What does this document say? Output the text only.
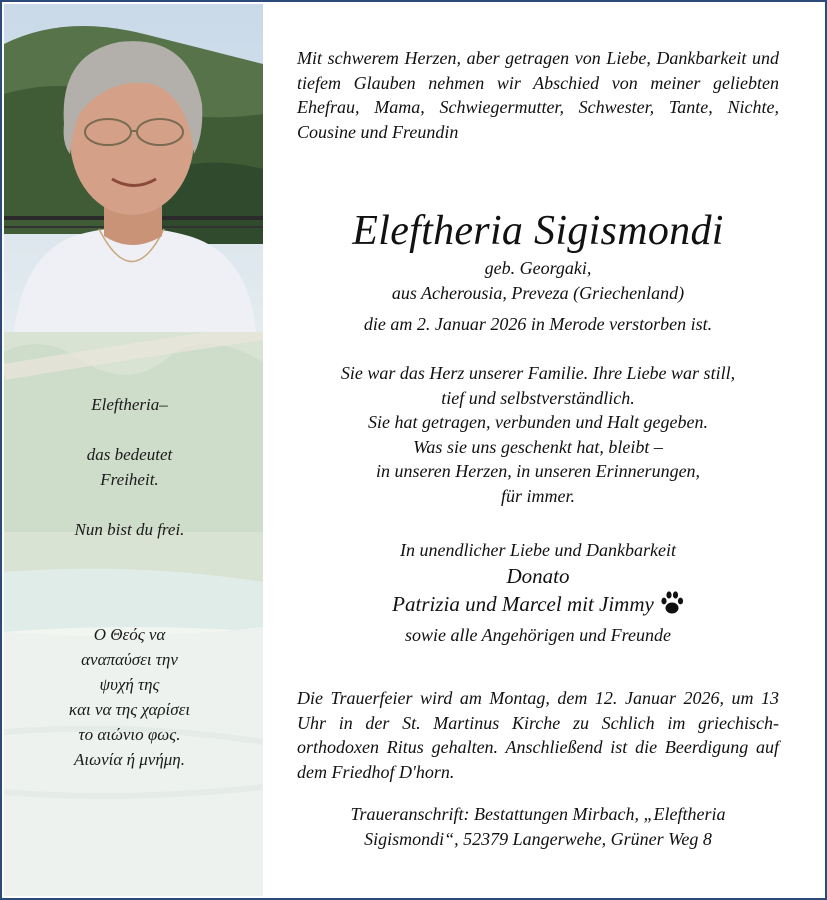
Eleftheria–

das bedeutet

Freiheit.

Nun bist du frei.

Ο Θεός να

αναπαύσει την

ψυχή της

και να της χαρίσει

το αιώνιο φως.

Αιωνία ή μνήμη.

Mit schwerem Herzen, aber getragen von Liebe, Dankbarkeit und tiefem Glauben nehmen wir Abschied von meiner geliebten Ehefrau, Mama, Schwiegermutter, Schwester, Tante, Nichte, Cousine und Freundin

Eleftheria Sigismondi

geb. Georgaki,

aus Acherousia, Preveza (Griechenland)

die am 2. Januar 2026 in Merode verstorben ist.

Sie war das Herz unserer Familie. Ihre Liebe war still,

tief und selbstverständlich.

Sie hat getragen, verbunden und Halt gegeben.

Was sie uns geschenkt hat, bleibt –

in unseren Herzen, in unseren Erinnerungen,

für immer.

In unendlicher Liebe und Dankbarkeit

Donato

Patrizia und Marcel mit Jimmy

sowie alle Angehörigen und Freunde

Die Trauerfeier wird am Montag, dem 12. Januar 2026, um 13 Uhr in der St. Martinus Kirche zu Schlich im griechisch-orthodoxen Ritus gehalten. Anschließend ist die Beerdigung auf dem Friedhof D'horn.

Traueranschrift: Bestattungen Mirbach, „Eleftheria
Sigismondi“, 52379 Langerwehe, Grüner Weg 8
